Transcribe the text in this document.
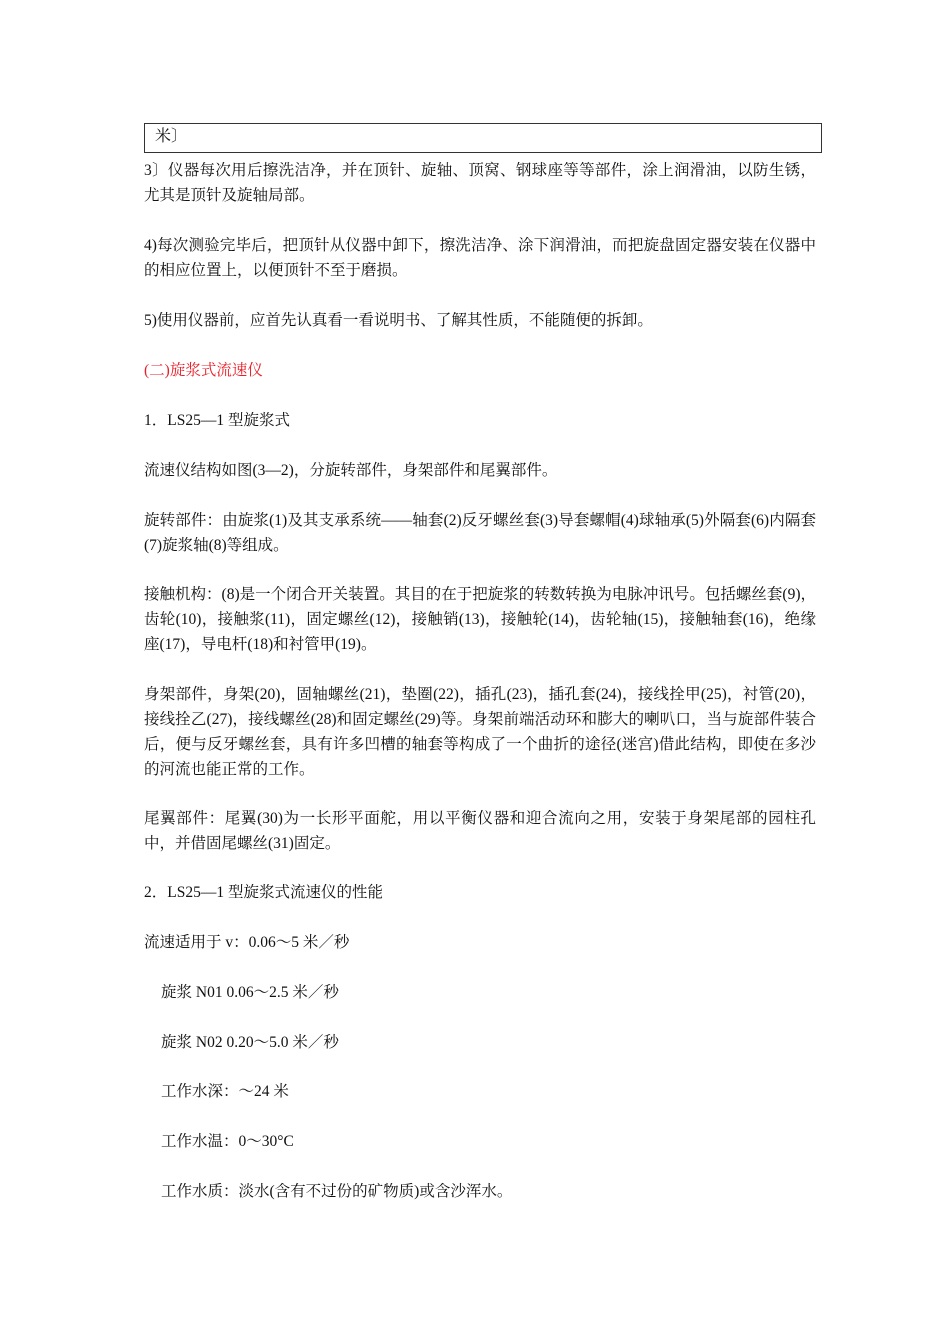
米〕

3〕仪器每次用后擦洗洁净，并在顶针、旋轴、顶窝、钢球座等等部件，涂上润滑油，以防生锈，尤其是顶针及旋轴局部。

4)每次测验完毕后，把顶针从仪器中卸下，擦洗洁净、涂下润滑油，而把旋盘固定器安装在仪器中的相应位置上，以便顶针不至于磨损。

5)使用仪器前，应首先认真看一看说明书、了解其性质，不能随便的拆卸。

(二)旋浆式流速仪

1．LS25—1 型旋浆式

流速仪结构如图(3—2)，分旋转部件，身架部件和尾翼部件。

旋转部件：由旋浆(1)及其支承系统——轴套(2)反牙螺丝套(3)导套螺帽(4)球轴承(5)外隔套(6)内隔套(7)旋浆轴(8)等组成。

接触机构：(8)是一个闭合开关装置。其目的在于把旋浆的转数转换为电脉冲讯号。包括螺丝套(9)，齿轮(10)，接触浆(11)，固定螺丝(12)，接触销(13)，接触轮(14)，齿轮轴(15)，接触轴套(16)，绝缘座(17)，导电杆(18)和衬管甲(19)。

身架部件，身架(20)，固轴螺丝(21)，垫圈(22)，插孔(23)，插孔套(24)，接线拴甲(25)，衬管(20)，接线拴乙(27)，接线螺丝(28)和固定螺丝(29)等。身架前端活动环和膨大的喇叭口，当与旋部件装合后，便与反牙螺丝套，具有许多凹槽的轴套等构成了一个曲折的途径(迷宫)借此结构，即使在多沙的河流也能正常的工作。

尾翼部件：尾翼(30)为一长形平面舵，用以平衡仪器和迎合流向之用，安装于身架尾部的园柱孔中，并借固尾螺丝(31)固定。

2．LS25—1 型旋浆式流速仪的性能

流速适用于 v：0.06～5 米／秒

旋浆 N01 0.06～2.5 米／秒

旋浆 N02 0.20～5.0 米／秒

工作水深：～24 米

工作水温：0～30°C

工作水质：淡水(含有不过份的矿物质)或含沙浑水。
